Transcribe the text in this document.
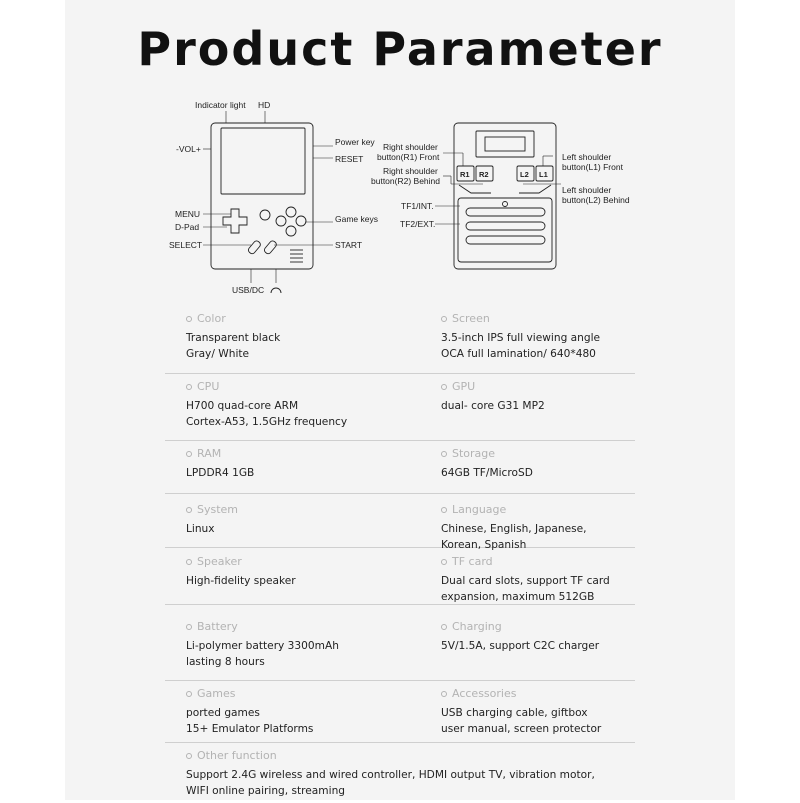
Product Parameter
Indicator light HD
-VOL+
Power key
RESET
MENU
D-Pad
Game keys
SELECT	START
USB/DC
Right shoulder
button(R1) Front
Right shoulder
button(R2) Behind
Left shoulder
button(L1) Front
Left shoulder
button(L2) Behind
TF1/INT.
TF2/EXT.
R1 R2	L2 L1
Color
Transparent black
Gray/ White
Screen
3.5-inch IPS full viewing angle
OCA full lamination/ 640*480
CPU
H700 quad-core ARM
Cortex-A53, 1.5GHz frequency
GPU
dual- core G31 MP2
RAM
LPDDR4 1GB
Storage
64GB TF/MicroSD
System
Linux
Language
Chinese, English, Japanese,
Korean, Spanish
Speaker
High-fidelity speaker
TF card
Dual card slots, support TF card
expansion, maximum 512GB
Battery
Li-polymer battery 3300mAh
lasting 8 hours
Charging
5V/1.5A, support C2C charger
Games
ported games
15+ Emulator Platforms
Accessories
USB charging cable, giftbox
user manual, screen protector
Other function
Support 2.4G wireless and wired controller, HDMI output TV, vibration motor,
WIFI online pairing, streaming
